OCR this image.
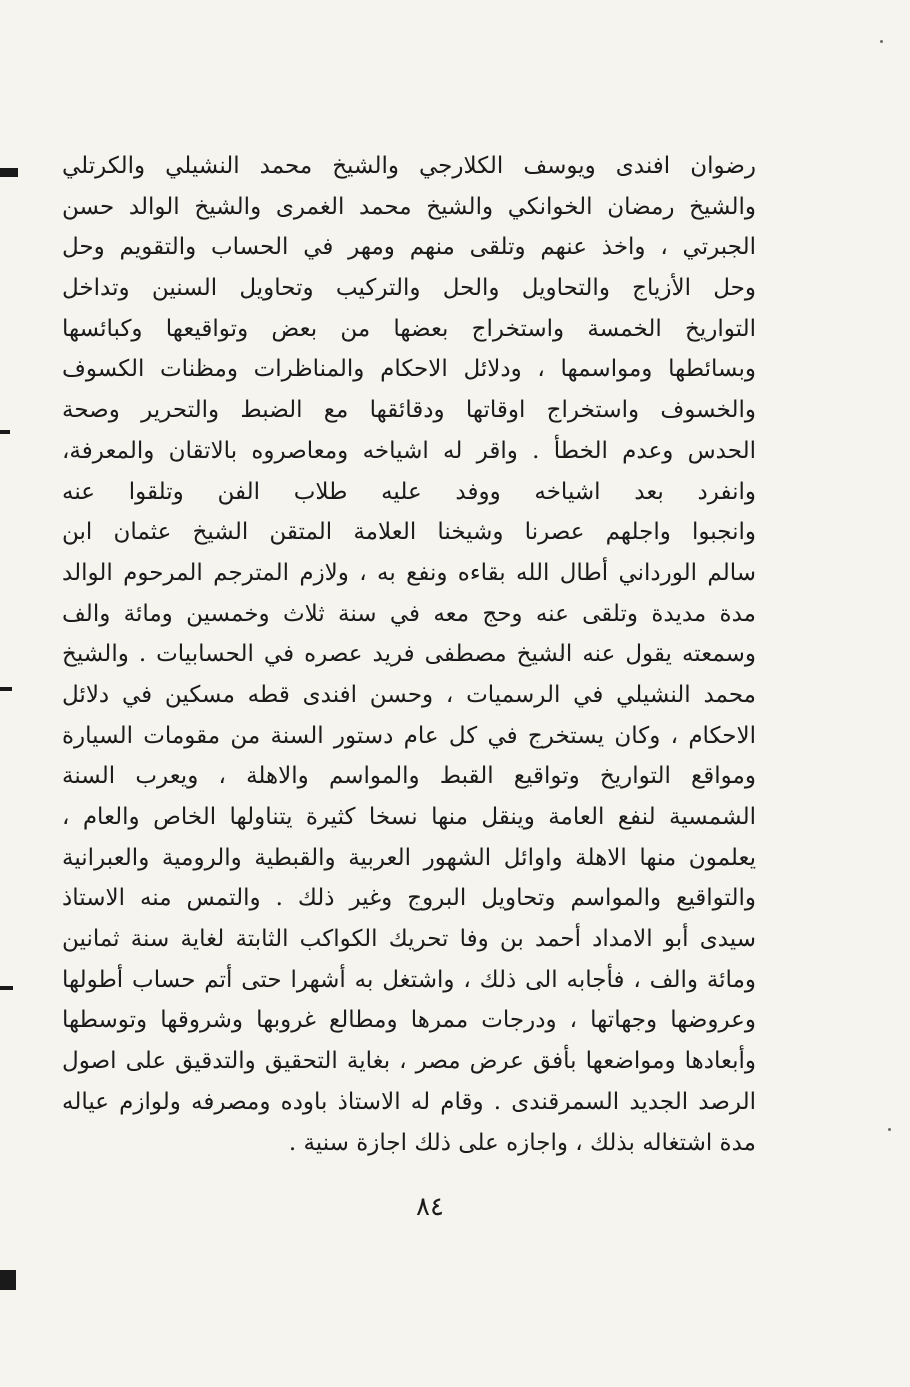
رضوان افندى ويوسف الكلارجي والشيخ محمد النشيلي والكرتلي
والشيخ رمضان الخوانكي والشيخ محمد الغمرى والشيخ الوالد حسن
الجبرتي ، واخذ عنهم وتلقى منهم ومهر في الحساب والتقويم وحل
وحل الأزياج والتحاويل والحل والتركيب وتحاويل السنين وتداخل
التواريخ الخمسة واستخراج بعضها من بعض وتواقيعها وكبائسها
وبسائطها ومواسمها ، ودلائل الاحكام والمناظرات ومظنات الكسوف
والخسوف واستخراج اوقاتها ودقائقها مع الضبط والتحرير وصحة
الحدس وعدم الخطأ . واقر له اشياخه ومعاصروه بالاتقان والمعرفة،
وانفرد بعد اشياخه ووفد عليه طلاب الفن وتلقوا عنه
وانجبوا واجلهم عصرنا وشيخنا العلامة المتقن الشيخ عثمان ابن
سالم الورداني أطال الله بقاءه ونفع به ، ولازم المترجم المرحوم الوالد
مدة مديدة وتلقى عنه وحج معه في سنة ثلاث وخمسين ومائة والف
وسمعته يقول عنه الشيخ مصطفى فريد عصره في الحسابيات . والشيخ
محمد النشيلي في الرسميات ، وحسن افندى قطه مسكين في دلائل
الاحكام ، وكان يستخرج في كل عام دستور السنة من مقومات السيارة
ومواقع التواريخ وتواقيع القبط والمواسم والاهلة ، ويعرب السنة
الشمسية لنفع العامة وينقل منها نسخا كثيرة يتناولها الخاص والعام ،
يعلمون منها الاهلة واوائل الشهور العربية والقبطية والرومية والعبرانية
والتواقيع والمواسم وتحاويل البروج وغير ذلك . والتمس منه الاستاذ
سيدى أبو الامداد أحمد بن وفا تحريك الكواكب الثابتة لغاية سنة ثمانين
ومائة والف ، فأجابه الى ذلك ، واشتغل به أشهرا حتى أتم حساب أطولها
وعروضها وجهاتها ، ودرجات ممرها ومطالع غروبها وشروقها وتوسطها
وأبعادها ومواضعها بأفق عرض مصر ، بغاية التحقيق والتدقيق على اصول
الرصد الجديد السمرقندى . وقام له الاستاذ باوده ومصرفه ولوازم عياله
مدة اشتغاله بذلك ، واجازه على ذلك اجازة سنية .
٨٤
